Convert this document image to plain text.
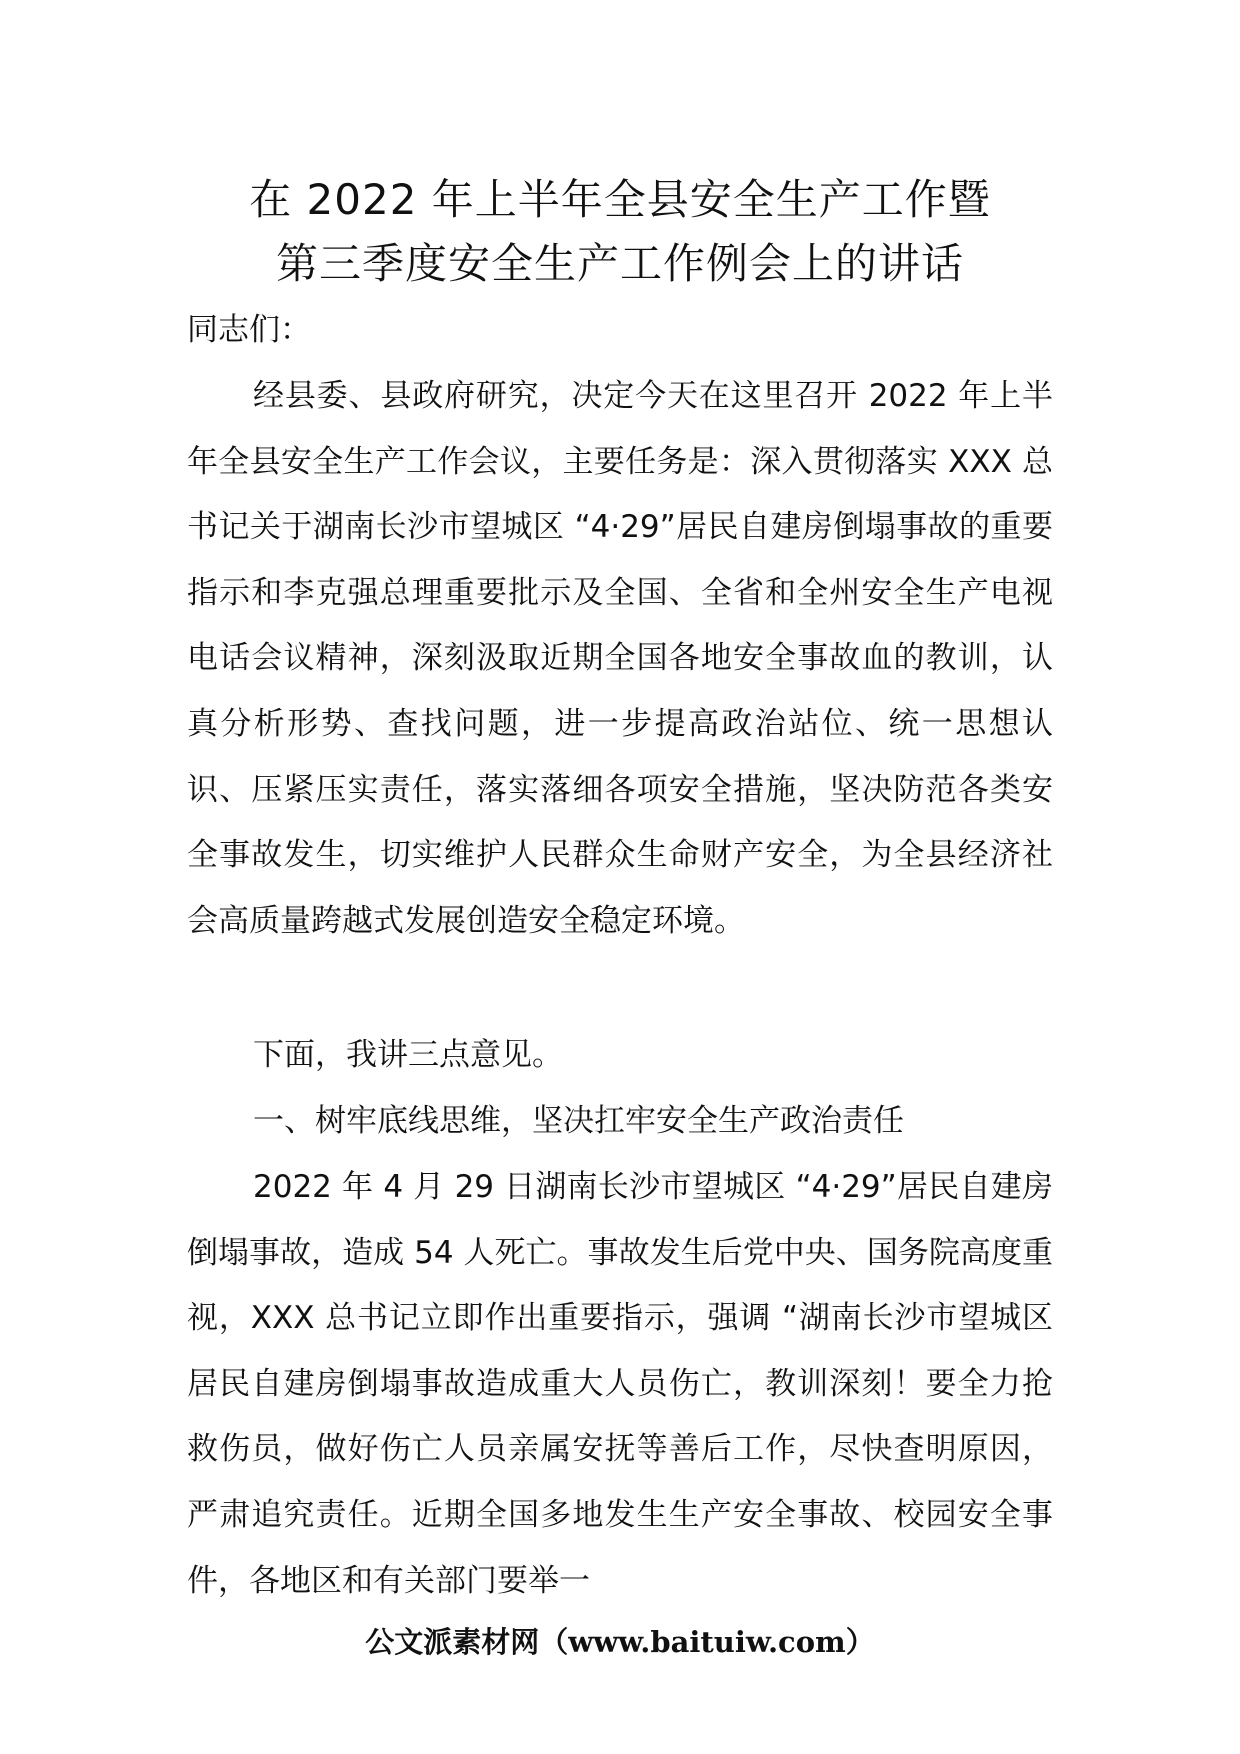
在 2022 年上半年全县安全生产工作暨
第三季度安全生产工作例会上的讲话
同志们：

经县委、县政府研究，决定今天在这里召开 2022 年上半年全县安全生产工作会议，主要任务是：深入贯彻落实 XXX 总书记关于湖南长沙市望城区 “4·29”居民自建房倒塌事故的重要指示和李克强总理重要批示及全国、全省和全州安全生产电视电话会议精神，深刻汲取近期全国各地安全事故血的教训，认真分析形势、查找问题，进一步提高政治站位、统一思想认识、压紧压实责任，落实落细各项安全措施，坚决防范各类安全事故发生，切实维护人民群众生命财产安全，为全县经济社会高质量跨越式发展创造安全稳定环境。

下面，我讲三点意见。

一、树牢底线思维，坚决扛牢安全生产政治责任

2022 年 4 月 29 日湖南长沙市望城区 “4·29”居民自建房倒塌事故，造成 54 人死亡。事故发生后党中央、国务院高度重视，XXX 总书记立即作出重要指示，强调 “湖南长沙市望城区居民自建房倒塌事故造成重大人员伤亡，教训深刻！要全力抢救伤员，做好伤亡人员亲属安抚等善后工作，尽快查明原因，严肃追究责任。近期全国多地发生生产安全事故、校园安全事件，各地区和有关部门要举一

公文派素材网（www.baituiw.com）
